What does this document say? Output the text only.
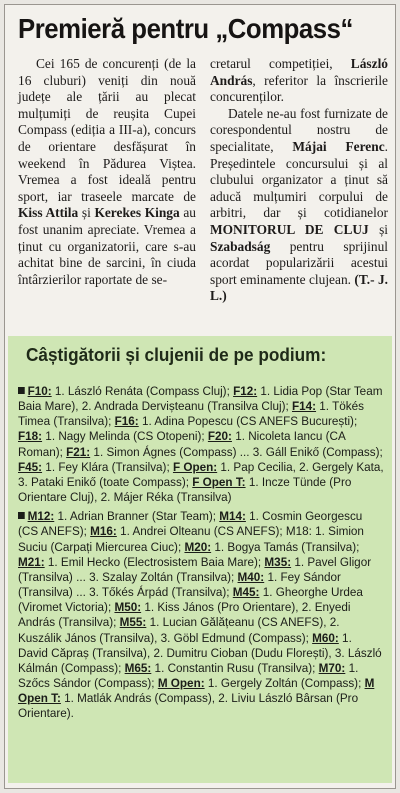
Premieră pentru „Compass“

Cei 165 de concurenți (de la 16 cluburi) veniți din nouă județe ale țării au plecat mulțumiți de reușita Cupei Compass (ediția a III-a), concurs de orientare desfășurat în weekend în Pădurea Viștea. Vremea a fost ideală pentru sport, iar traseele marcate de Kiss Attila și Kerekes Kinga au fost unanim apreciate. Vremea a ținut cu organizatorii, care s-au achitat bine de sarcini, în ciuda întârzierilor raportate de se-

cretarul competiției, László András, referitor la înscrierile concurenților.

Datele ne-au fost furnizate de corespondentul nostru de specialitate, Májai Ferenc. Președintele concursului și al clubului organizator a ținut să aducă mulțumiri corpului de arbitri, dar și cotidianelor MONITORUL DE CLUJ și Szabadság pentru sprijinul acordat popularizării acestui sport eminamente clujean. (T.- J. L.)

Câștigătorii și clujenii de pe podium:
F10: 1. László Renáta (Compass Cluj); F12: 1. Lidia Pop (Star Team Baia Mare), 2. Andrada Dervișteanu (Transilva Cluj); F14: 1. Tökés Timea (Transilva); F16: 1. Adina Popescu (CS ANEFS București); F18: 1. Nagy Melinda (CS Otopeni); F20: 1. Nicoleta Iancu (CA Roman); F21: 1. Simon Ágnes (Compass) ... 3. Gáll Enikő (Compass); F45: 1. Fey Klára (Transilva); F Open: 1. Pap Cecilia, 2. Gergely Kata, 3. Pataki Enikő (toate Compass); F Open T: 1. Incze Tünde (Pro Orientare Cluj), 2. Májer Réka (Transilva)
M12: 1. Adrian Branner (Star Team); M14: 1. Cosmin Georgescu (CS ANEFS); M16: 1. Andrei Olteanu (CS ANEFS); M18: 1. Simion Suciu (Carpați Miercurea Ciuc); M20: 1. Bogya Tamás (Transilva); M21: 1. Emil Hecko (Electrosistem Baia Mare); M35: 1. Pavel Gligor (Transilva) ... 3. Szalay Zoltán (Transilva); M40: 1. Fey Sándor (Transilva) ... 3. Tőkés Árpád (Transilva); M45: 1. Gheorghe Urdea (Viromet Victoria); M50: 1. Kiss János (Pro Orientare), 2. Enyedi András (Transilva); M55: 1. Lucian Gălățeanu (CS ANEFS), 2. Kuszálik János (Transilva), 3. Göbl Edmund (Compass); M60: 1. David Căpraș (Transilva), 2. Dumitru Cioban (Dudu Florești), 3. László Kálmán (Compass); M65: 1. Constantin Rusu (Transilva); M70: 1. Szőcs Sándor (Compass); M Open: 1. Gergely Zoltán (Compass); M Open T: 1. Matlák András (Compass), 2. Liviu László Bârsan (Pro Orientare).
